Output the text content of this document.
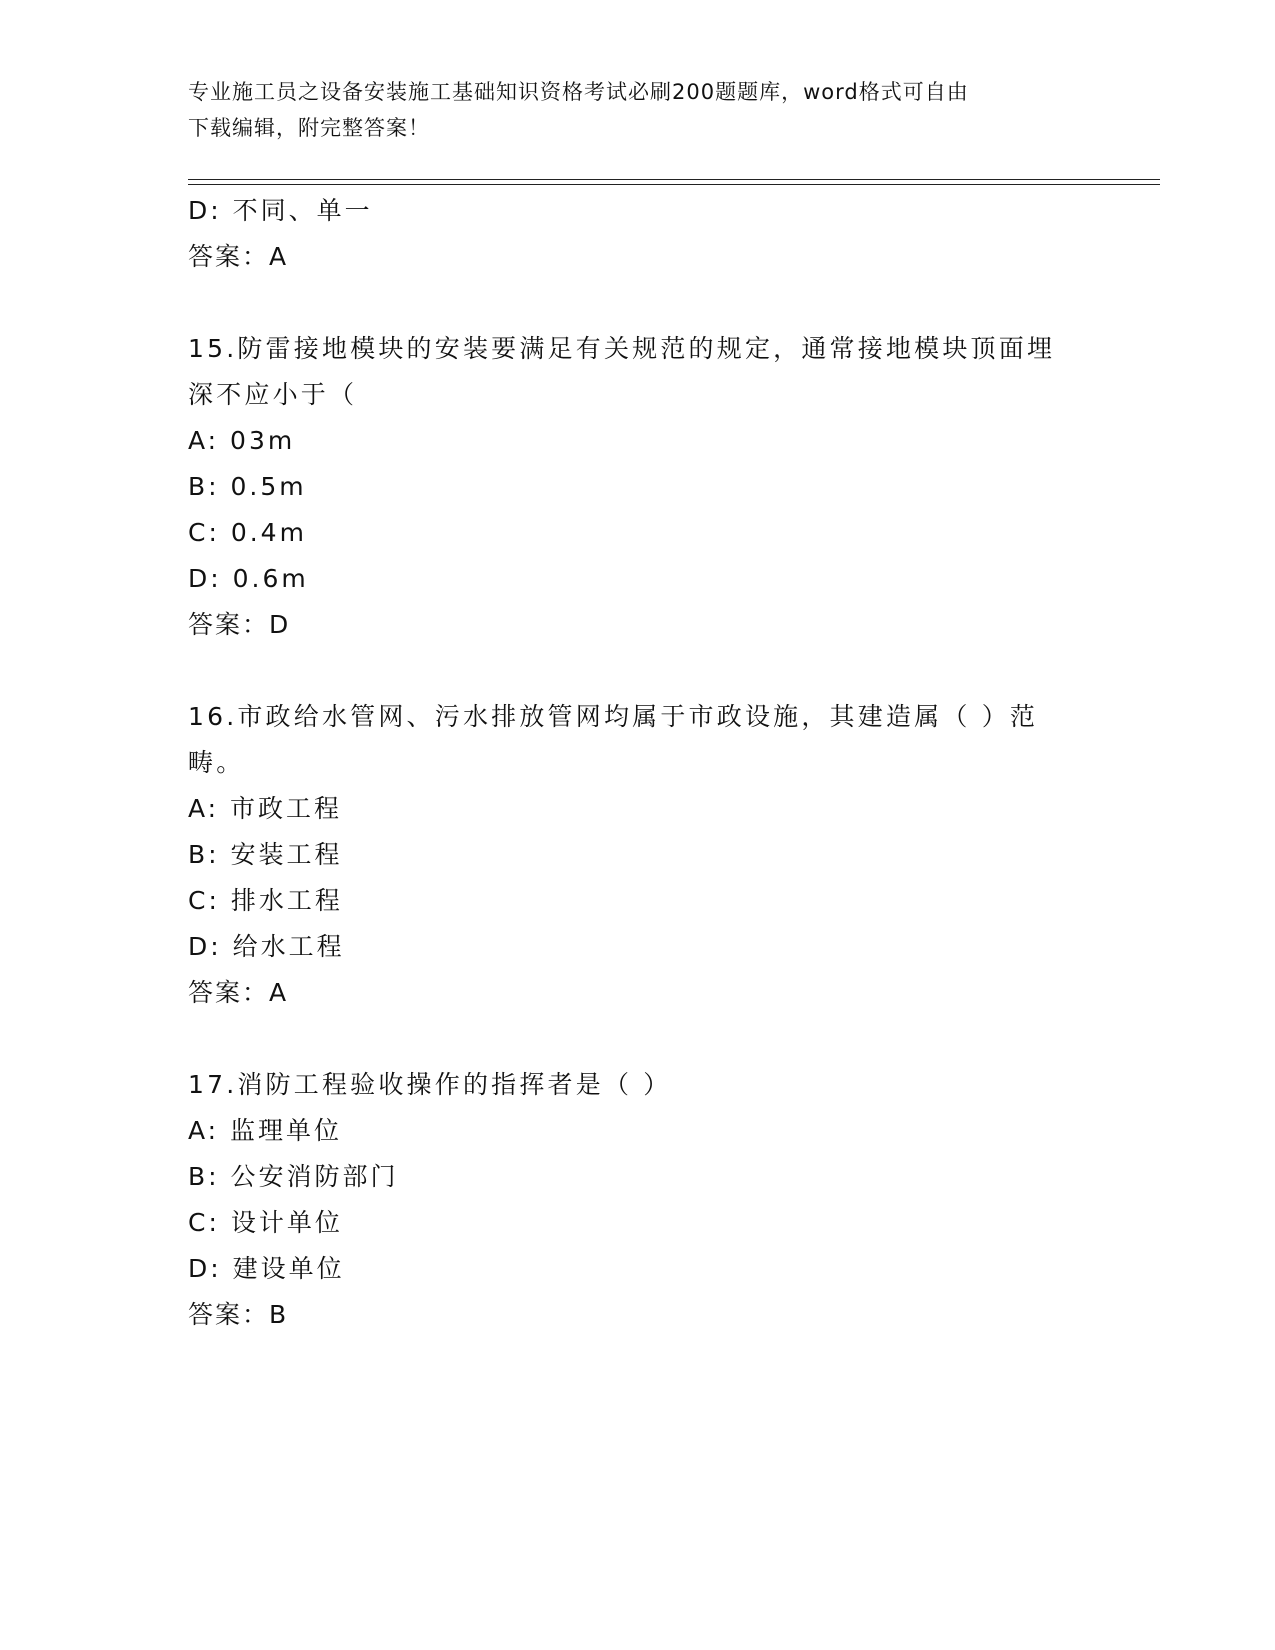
专业施工员之设备安装施工基础知识资格考试必刷200题题库，word格式可自由
下载编辑，附完整答案！
D: 不同、单一
答案：A
15.防雷接地模块的安装要满足有关规范的规定，通常接地模块顶面埋
深不应小于（
A: 03m
B: 0.5m
C: 0.4m
D: 0.6m
答案：D
16.市政给水管网、污水排放管网均属于市政设施，其建造属（ ）范
畴。
A: 市政工程
B: 安装工程
C: 排水工程
D: 给水工程
答案：A
17.消防工程验收操作的指挥者是（ ）
A: 监理单位
B: 公安消防部门
C: 设计单位
D: 建设单位
答案：B
